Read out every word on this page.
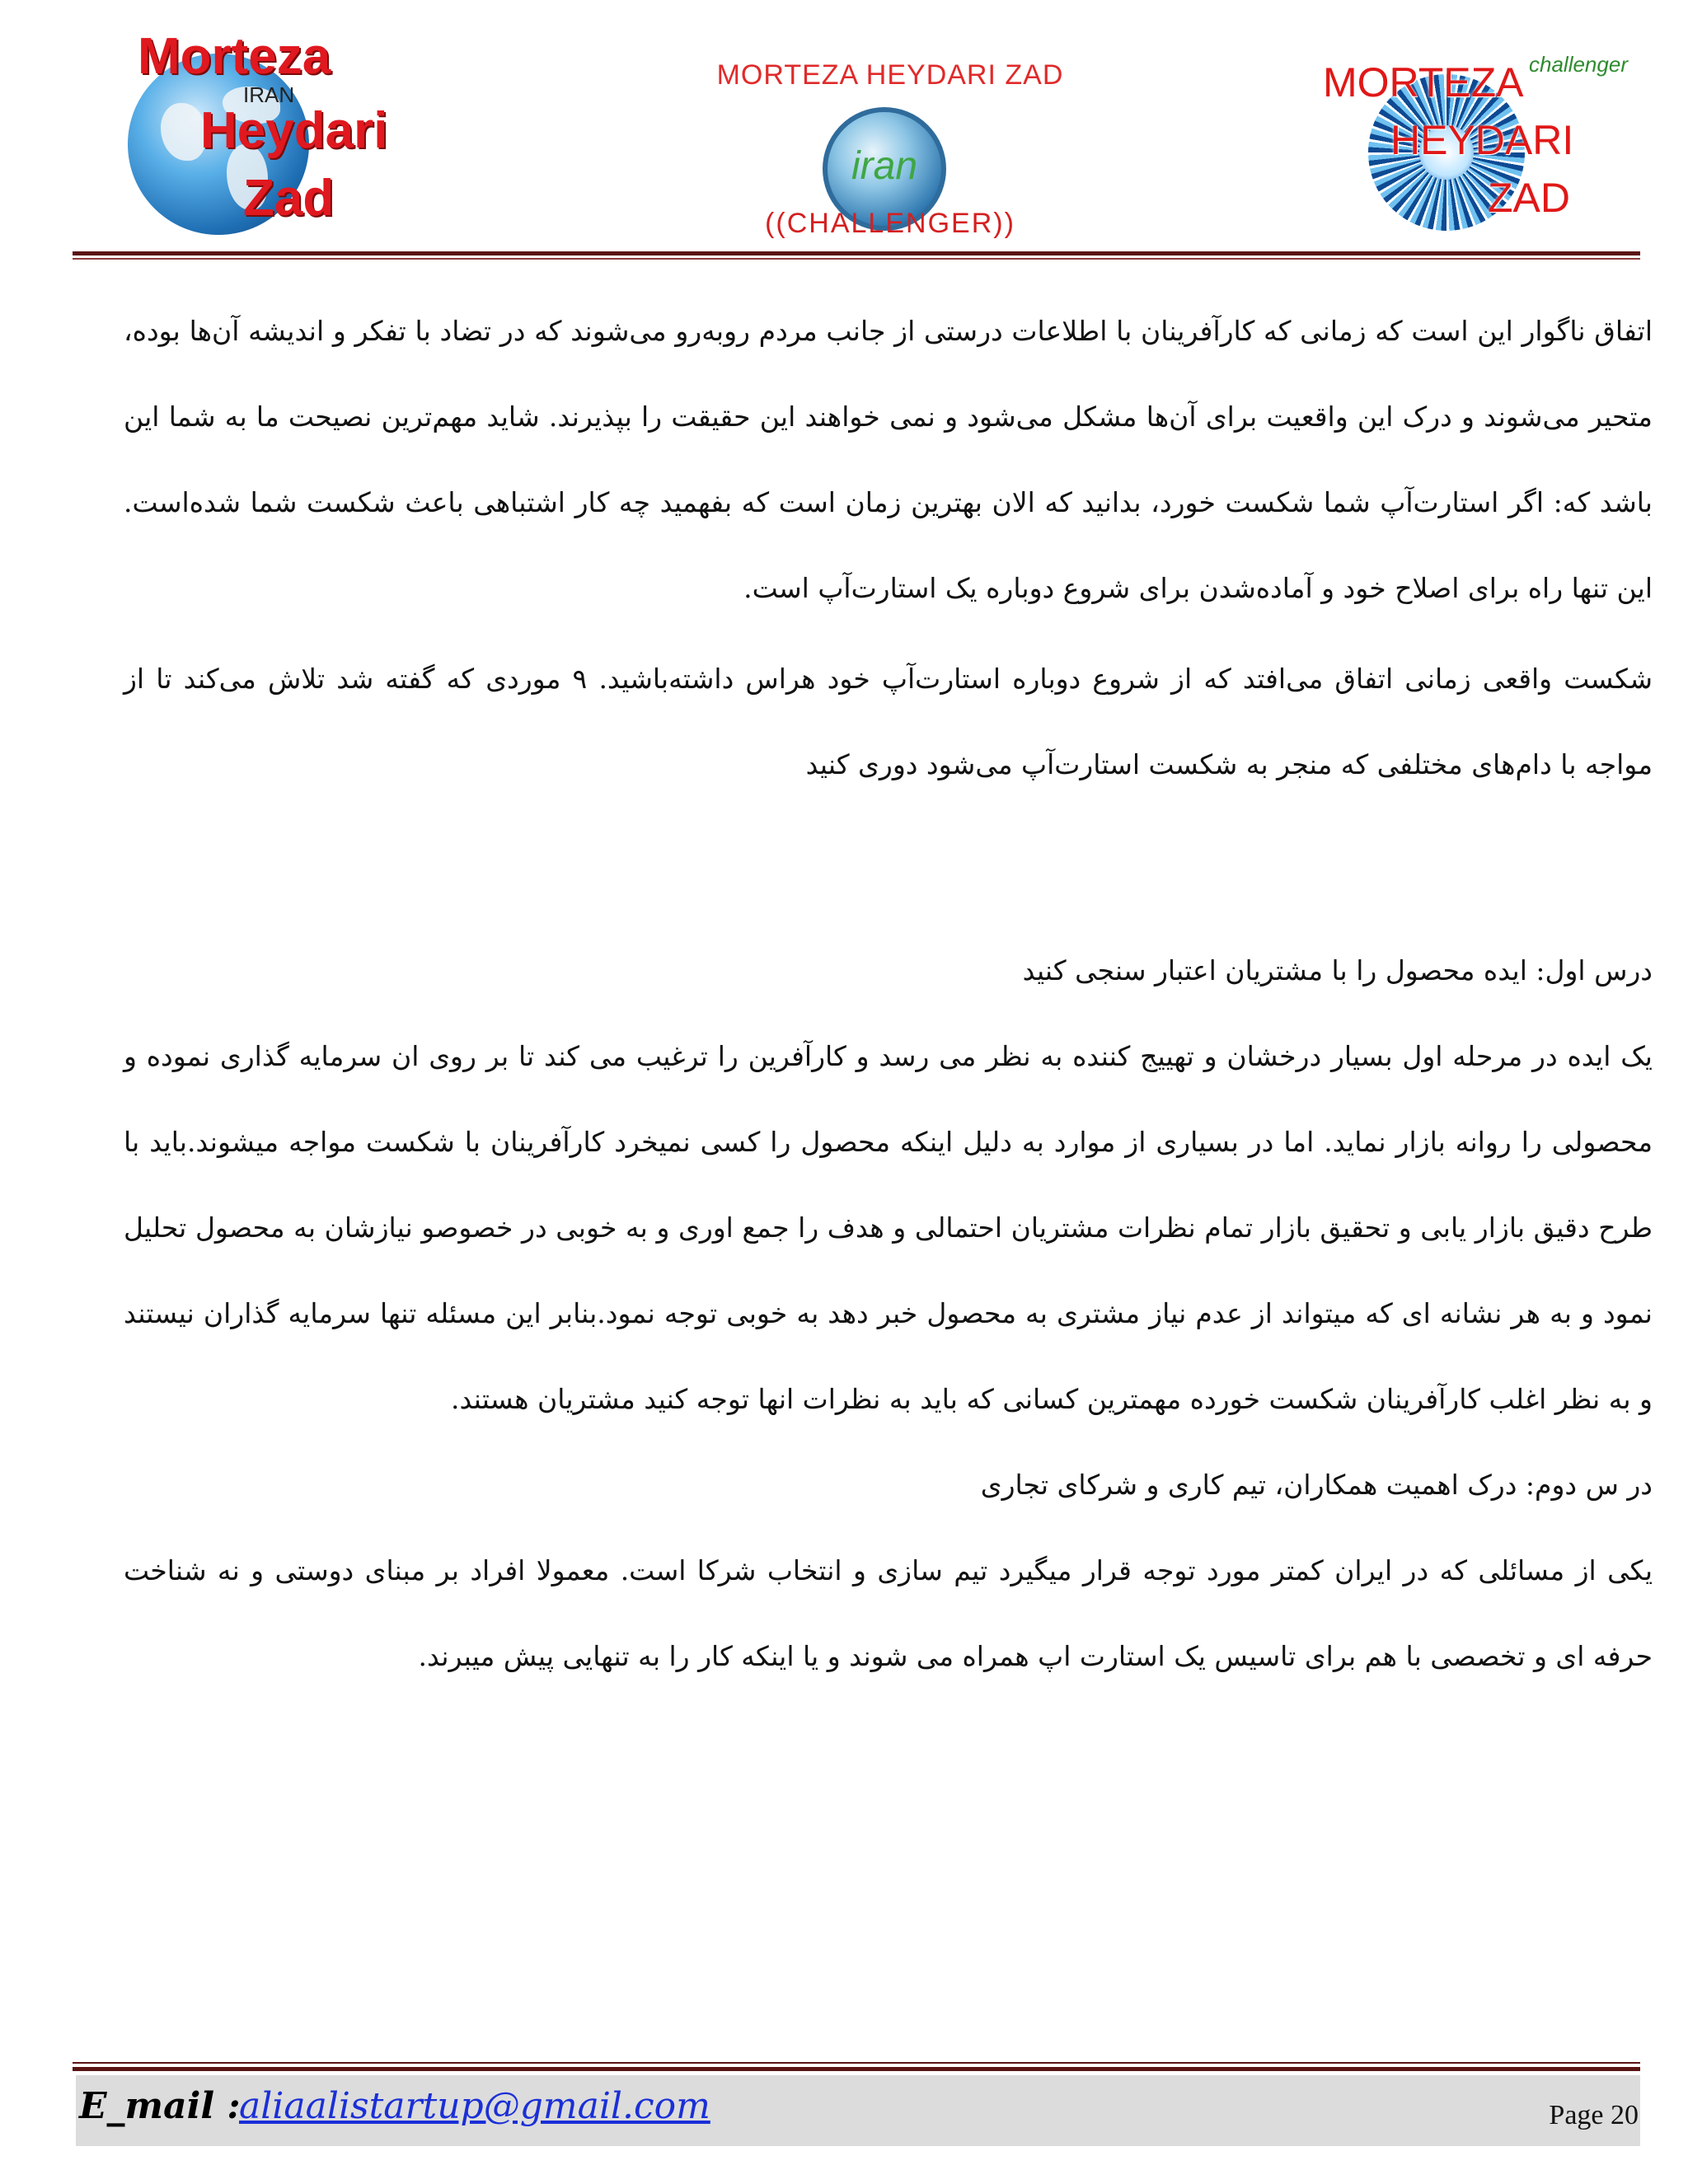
Morteza
IRAN
Heydari
Zad
MORTEZA HEYDARI ZAD
iran
((CHALLENGER))
challenger
MORTEZA
HEYDARI
ZAD

اتفاق ناگوار این است که زمانی که کارآفرینان با اطلاعات درستی از جانب مردم روبه‌رو می‌شوند که در تضاد با تفکر و اندیشه آن‌ها بوده، متحیر می‌شوند و درک این واقعیت برای آن‌ها مشکل می‌شود و نمی خواهند این حقیقت را بپذیرند. شاید مهم‌ترین نصیحت ما به شما این باشد که: اگر استارت‌آپ شما شکست خورد، بدانید که الان بهترین زمان است که بفهمید چه کار اشتباهی باعث شکست شما شده‌است. این تنها راه برای اصلاح خود و آماده‌شدن برای شروع دوباره یک استارت‌آپ است.

شکست واقعی زمانی اتفاق می‌افتد که از شروع دوباره استارت‌آپ خود هراس داشته‌باشید. ۹ موردی که گفته شد تلاش می‌کند تا از مواجه با دام‌های مختلفی که منجر به شکست استارت‌آپ می‌شود دوری کنید

درس اول: ایده محصول را با مشتریان اعتبار سنجی کنید

یک ایده در مرحله اول بسیار درخشان و تهییج کننده به نظر می رسد و کارآفرین را ترغیب می کند تا بر روی ان سرمایه گذاری نموده و محصولی را روانه بازار نماید. اما در بسیاری از موارد به دلیل اینکه محصول را کسی نمیخرد کارآفرینان با شکست مواجه میشوند.باید با طرح دقیق بازار یابی و تحقیق بازار تمام نظرات مشتریان احتمالی و هدف را جمع اوری و به خوبی در خصوصو نیازشان به محصول تحلیل نمود و به هر نشانه ای که میتواند از عدم نیاز مشتری به محصول خبر دهد به خوبی توجه نمود.بنابر این مسئله تنها سرمایه گذاران نیستند و به نظر اغلب کارآفرینان شکست خورده مهمترین کسانی که باید به نظرات انها توجه کنید مشتریان هستند.

در س دوم: درک اهمیت همکاران، تیم کاری و شرکای تجاری

یکی از مسائلی که در ایران کمتر مورد توجه قرار میگیرد تیم سازی و انتخاب شرکا است. معمولا افراد بر مبنای دوستی و نه شناخت حرفه ای و تخصصی با هم برای تاسیس یک استارت اپ همراه می شوند و یا اینکه کار را به تنهایی پیش میبرند.

E_mail :
aliaalistartup@gmail.com	Page 20
